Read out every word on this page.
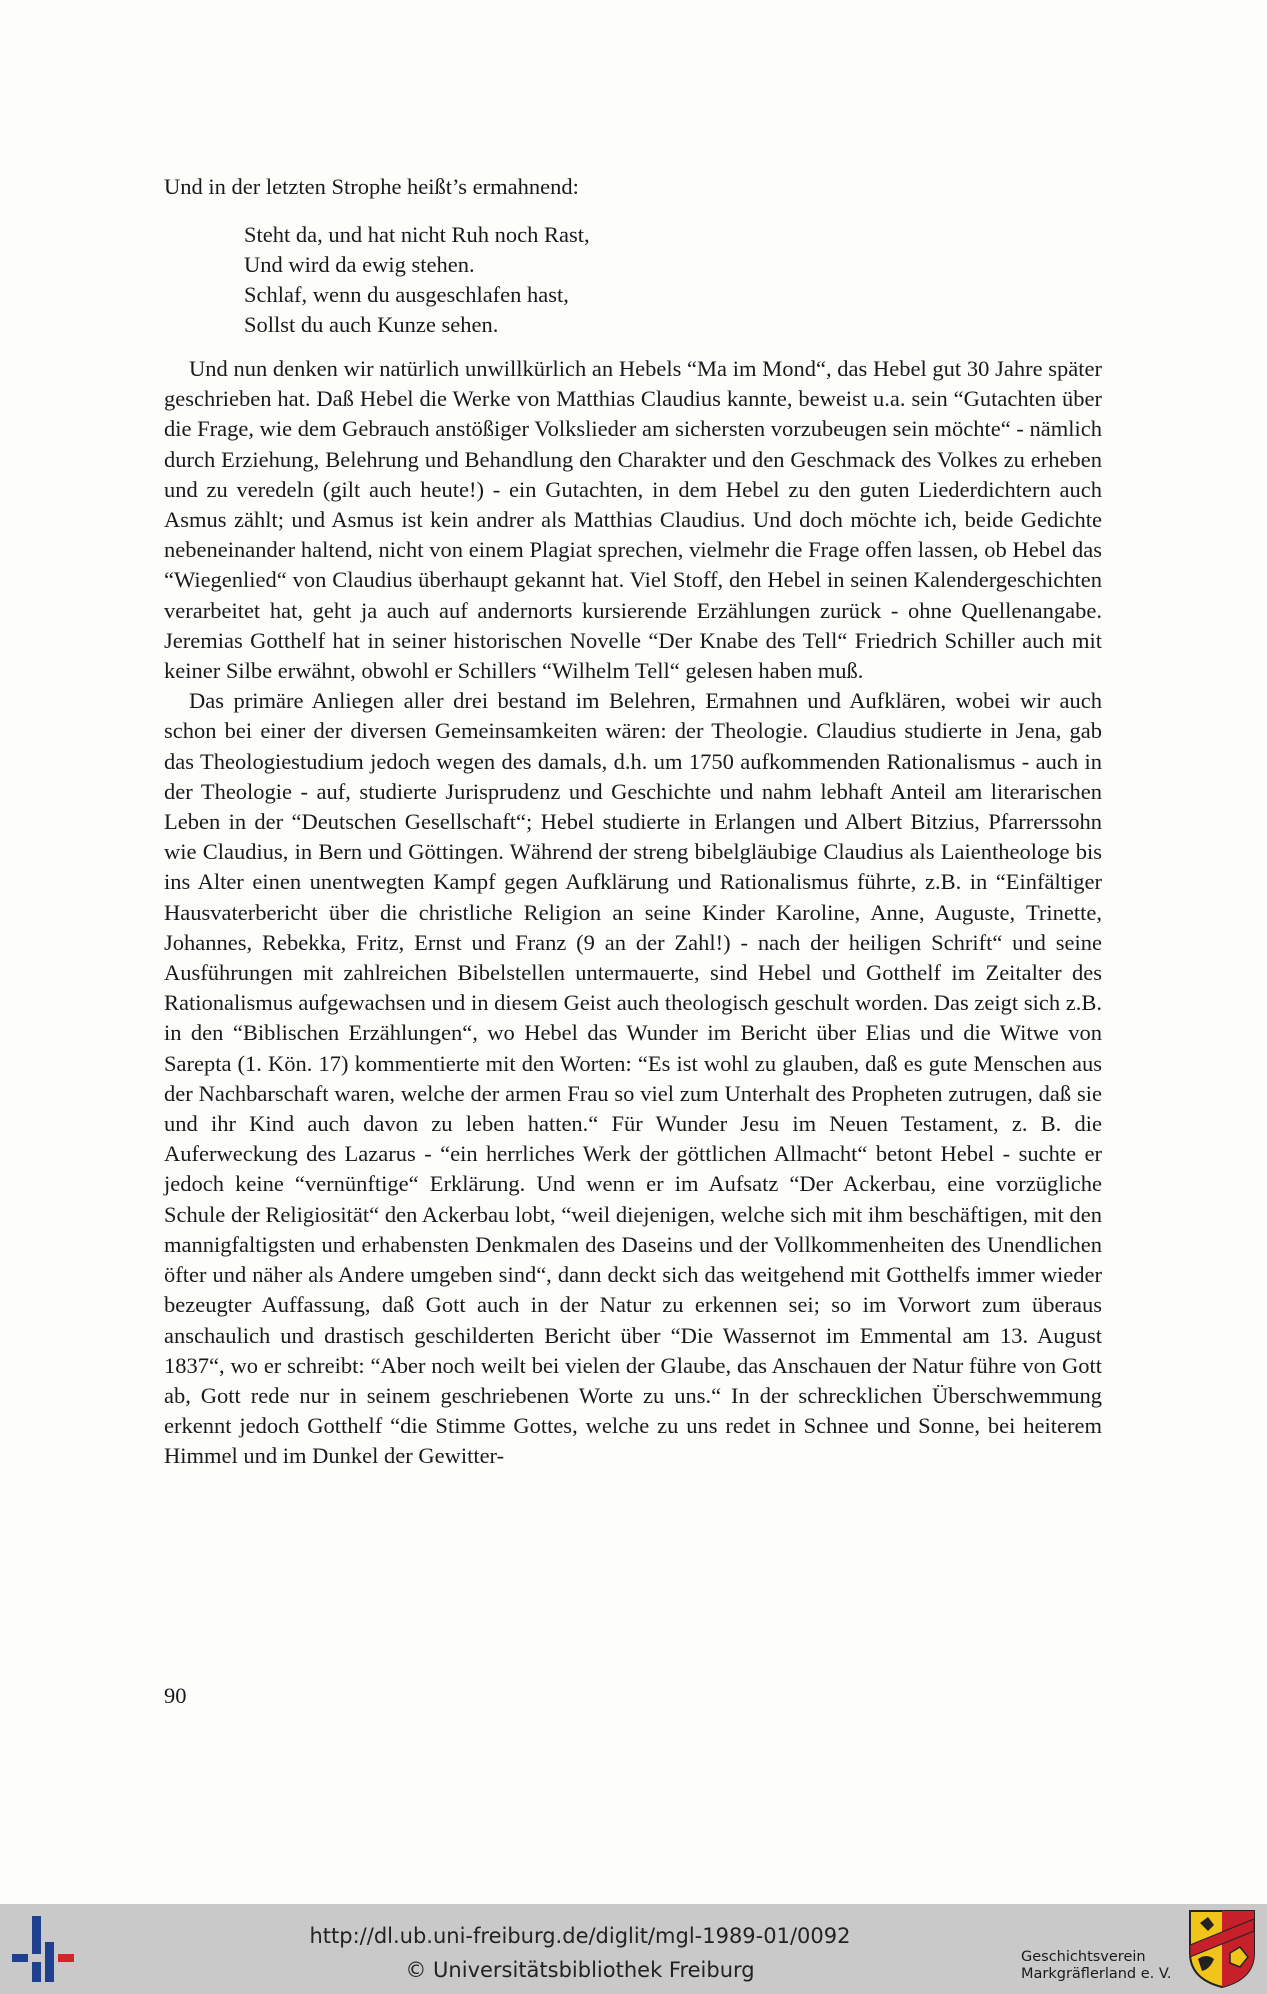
Und in der letzten Strophe heißt’s ermahnend:
Steht da, und hat nicht Ruh noch Rast,
Und wird da ewig stehen.
Schlaf, wenn du ausgeschlafen hast,
Sollst du auch Kunze sehen.

Und nun denken wir natürlich unwillkürlich an Hebels “Ma im Mond“, das Hebel gut 30 Jahre später geschrieben hat. Daß Hebel die Werke von Matthias Claudius kannte, beweist u.a. sein “Gutachten über die Frage, wie dem Gebrauch anstößiger Volkslieder am sichersten vorzubeugen sein möchte“ - nämlich durch Erziehung, Belehrung und Behandlung den Charakter und den Geschmack des Volkes zu erheben und zu veredeln (gilt auch heute!) - ein Gutachten, in dem Hebel zu den guten Liederdichtern auch Asmus zählt; und Asmus ist kein andrer als Matthias Claudius. Und doch möchte ich, beide Gedichte nebeneinander haltend, nicht von einem Plagiat sprechen, vielmehr die Frage offen lassen, ob Hebel das “Wiegenlied“ von Claudius überhaupt gekannt hat. Viel Stoff, den Hebel in seinen Kalendergeschichten verarbeitet hat, geht ja auch auf andernorts kursierende Erzählungen zurück - ohne Quellenangabe. Jeremias Gotthelf hat in seiner historischen Novelle “Der Knabe des Tell“ Friedrich Schiller auch mit keiner Silbe erwähnt, obwohl er Schillers “Wilhelm Tell“ gelesen haben muß.

Das primäre Anliegen aller drei bestand im Belehren, Ermahnen und Aufklären, wobei wir auch schon bei einer der diversen Gemeinsamkeiten wären: der Theologie. Claudius studierte in Jena, gab das Theologiestudium jedoch wegen des damals, d.h. um 1750 aufkommenden Rationalismus - auch in der Theologie - auf, studierte Jurisprudenz und Geschichte und nahm lebhaft Anteil am literarischen Leben in der “Deutschen Gesellschaft“; Hebel studierte in Erlangen und Albert Bitzius, Pfarrerssohn wie Claudius, in Bern und Göttingen. Während der streng bibelgläubige Claudius als Laientheologe bis ins Alter einen unentwegten Kampf gegen Aufklärung und Rationalismus führte, z.B. in “Einfältiger Hausvaterbericht über die christliche Religion an seine Kinder Karoline, Anne, Auguste, Trinette, Johannes, Rebekka, Fritz, Ernst und Franz (9 an der Zahl!) - nach der heiligen Schrift“ und seine Ausführungen mit zahlreichen Bibelstellen untermauerte, sind Hebel und Gotthelf im Zeitalter des Rationalismus aufgewachsen und in diesem Geist auch theologisch geschult worden. Das zeigt sich z.B. in den “Biblischen Erzählungen“, wo Hebel das Wunder im Bericht über Elias und die Witwe von Sarepta (1. Kön. 17) kommentierte mit den Worten: “Es ist wohl zu glauben, daß es gute Menschen aus der Nachbarschaft waren, welche der armen Frau so viel zum Unterhalt des Propheten zutrugen, daß sie und ihr Kind auch davon zu leben hatten.“ Für Wunder Jesu im Neuen Testament, z. B. die Auferweckung des Lazarus - “ein herrliches Werk der göttlichen Allmacht“ betont Hebel - suchte er jedoch keine “vernünftige“ Erklärung. Und wenn er im Aufsatz “Der Ackerbau, eine vorzügliche Schule der Religiosität“ den Ackerbau lobt, “weil diejenigen, welche sich mit ihm beschäftigen, mit den mannigfaltigsten und erhabensten Denkmalen des Daseins und der Vollkommenheiten des Unendlichen öfter und näher als Andere umgeben sind“, dann deckt sich das weitgehend mit Gotthelfs immer wieder bezeugter Auffassung, daß Gott auch in der Natur zu erkennen sei; so im Vorwort zum überaus anschaulich und drastisch geschilderten Bericht über “Die Wassernot im Emmental am 13. August 1837“, wo er schreibt: “Aber noch weilt bei vielen der Glaube, das Anschauen der Natur führe von Gott ab, Gott rede nur in seinem geschriebenen Worte zu uns.“ In der schrecklichen Überschwemmung erkennt jedoch Gotthelf “die Stimme Gottes, welche zu uns redet in Schnee und Sonne, bei heiterem Himmel und im Dunkel der Gewitter-

90
http://dl.ub.uni-freiburg.de/diglit/mgl-1989-01/0092
© Universitätsbibliothek Freiburg
Geschichtsverein
Markgräflerland e. V.
